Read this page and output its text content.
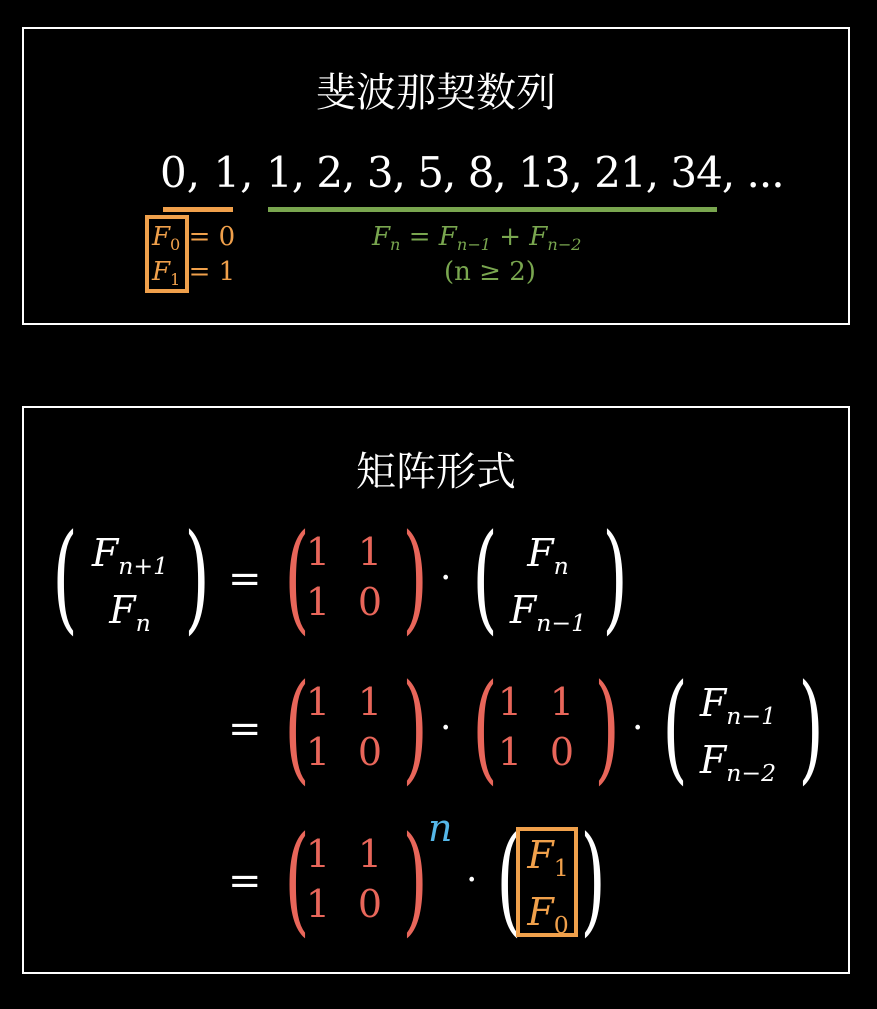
斐波那契数列
0, 1, 1, 2, 3, 5, 8, 13, 21, 34, ...
F0 = 0
F1 = 1
Fn = Fn−1 + Fn−2
(n ≥ 2)
矩阵形式
( Fn+1
Fn ) = (
1 1
1 0 ) · ( Fn
Fn−1 )
= (
1 1
1 0 ) · ( 1 1
1 0 ) · ( Fn−1
Fn−2 )
= (
1 1
1 0 ) n
· ( F1
F0 )
